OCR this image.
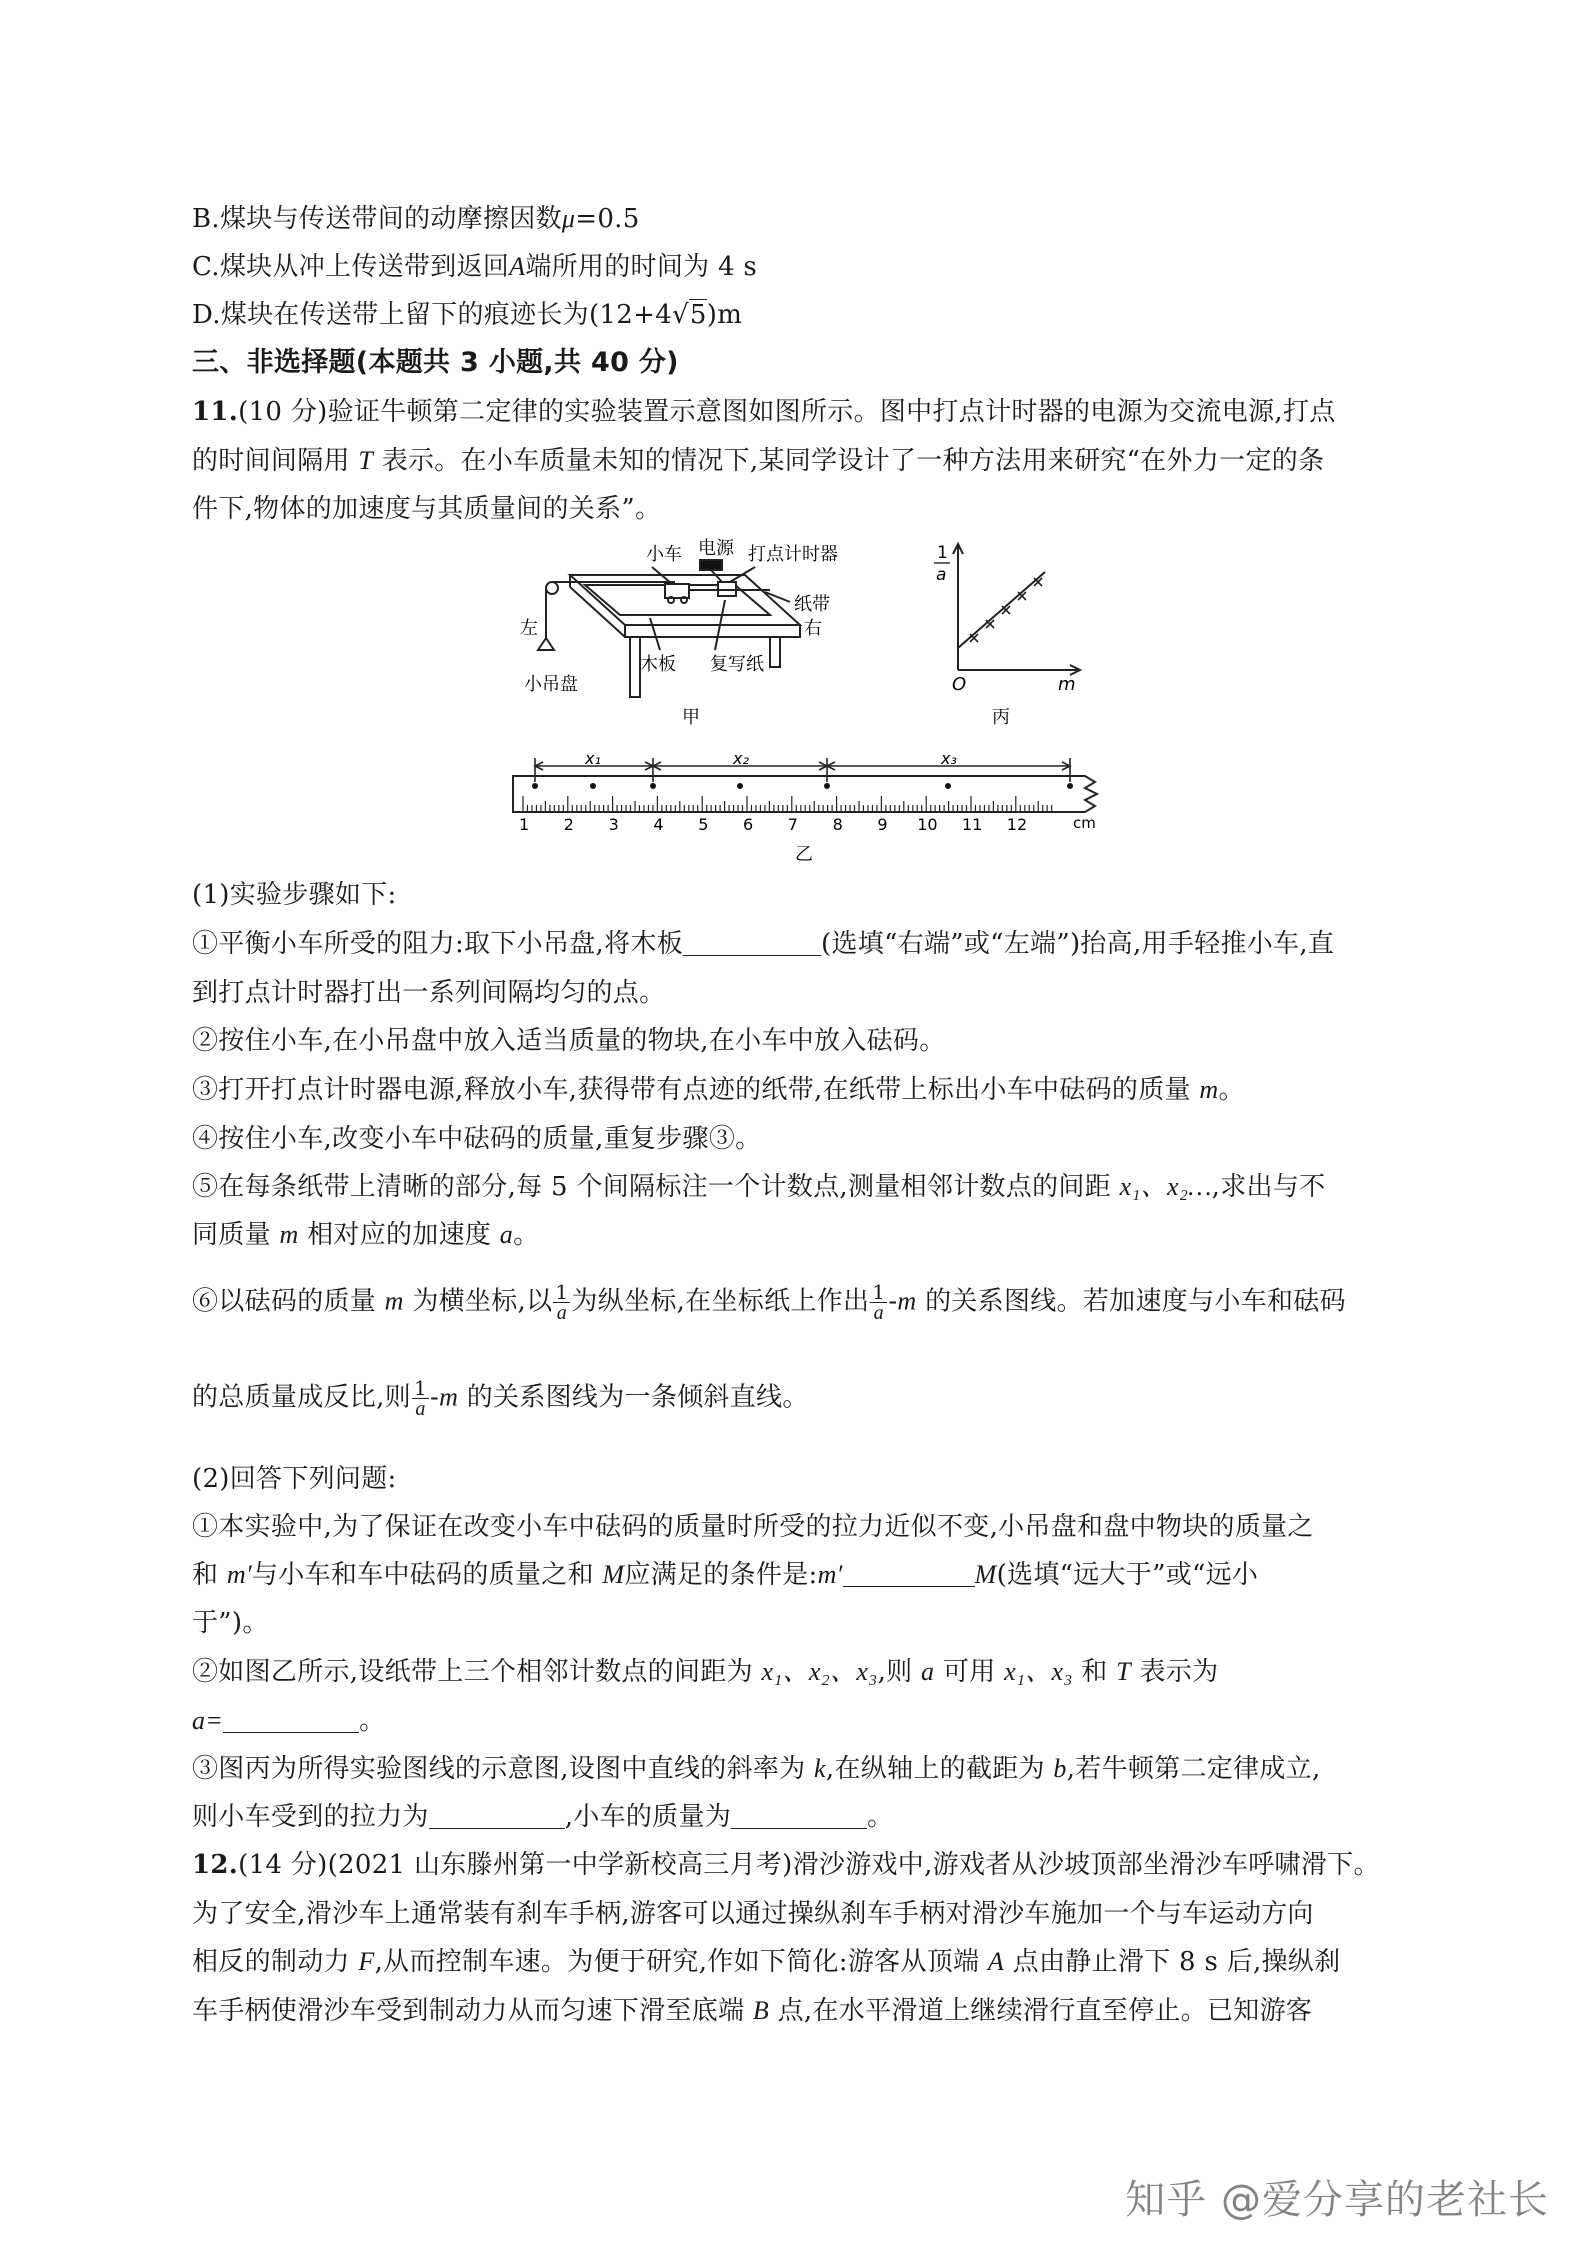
B.煤块与传送带间的动摩擦因数μ=0.5
C.煤块从冲上传送带到返回A端所用的时间为 4 s
D.煤块在传送带上留下的痕迹长为(12+4√5)m
三、非选择题(本题共 3 小题,共 40 分)
11.(10 分)验证牛顿第二定律的实验装置示意图如图所示。图中打点计时器的电源为交流电源,打点
的时间间隔用 T 表示。在小车质量未知的情况下,某同学设计了一种方法用来研究“在外力一定的条
件下,物体的加速度与其质量间的关系”。
小车 电源 打点计时器
纸带
右
左
小吊盘
木板 复写纸
甲
1
a
O	m
丙
x₁	x₂	x₃
1 2 3 4 5 6 7 8 9 10 11 12	cm
乙
(1)实验步骤如下:
①平衡小车所受的阻力:取下小吊盘,将木板	(选填“右端”或“左端”)抬高,用手轻推小车,直
到打点计时器打出一系列间隔均匀的点。
②按住小车,在小吊盘中放入适当质量的物块,在小车中放入砝码。
③打开打点计时器电源,释放小车,获得带有点迹的纸带,在纸带上标出小车中砝码的质量 m。
④按住小车,改变小车中砝码的质量,重复步骤③。
⑤在每条纸带上清晰的部分,每 5 个间隔标注一个计数点,测量相邻计数点的间距 x₁、x₂…,求出与不
同质量 m 相对应的加速度 a。
⑥以砝码的质量 m 为横坐标,以 $\frac{1}{a}$ 为纵坐标,在坐标纸上作出 $\frac{1}{a} -m$ 的关系图线。若加速度与小车和砝码
的总质量成反比,则 $\frac{1}{a} -m$ 的关系图线为一条倾斜直线。
(2)回答下列问题:
①本实验中,为了保证在改变小车中砝码的质量时所受的拉力近似不变,小吊盘和盘中物块的质量之
和 m′与小车和车中砝码的质量之和 M应满足的条件是:m′	M(选填“远大于”或“远小
于”)。
②如图乙所示,设纸带上三个相邻计数点的间距为 x₁、x₂、x₃,则 a 可用 x₁、x₃ 和 T 表示为
a=	。
③图丙为所得实验图线的示意图,设图中直线的斜率为 k,在纵轴上的截距为 b,若牛顿第二定律成立,
则小车受到的拉力为	,小车的质量为	。
12.(14 分)(2021 山东滕州第一中学新校高三月考)滑沙游戏中,游戏者从沙坡顶部坐滑沙车呼啸滑下。
为了安全,滑沙车上通常装有刹车手柄,游客可以通过操纵刹车手柄对滑沙车施加一个与车运动方向
相反的制动力 F,从而控制车速。为便于研究,作如下简化:游客从顶端 A 点由静止滑下 8 s 后,操纵刹
车手柄使滑沙车受到制动力从而匀速下滑至底端 B 点,在水平滑道上继续滑行直至停止。已知游客
知乎 @爱分享的老社长
